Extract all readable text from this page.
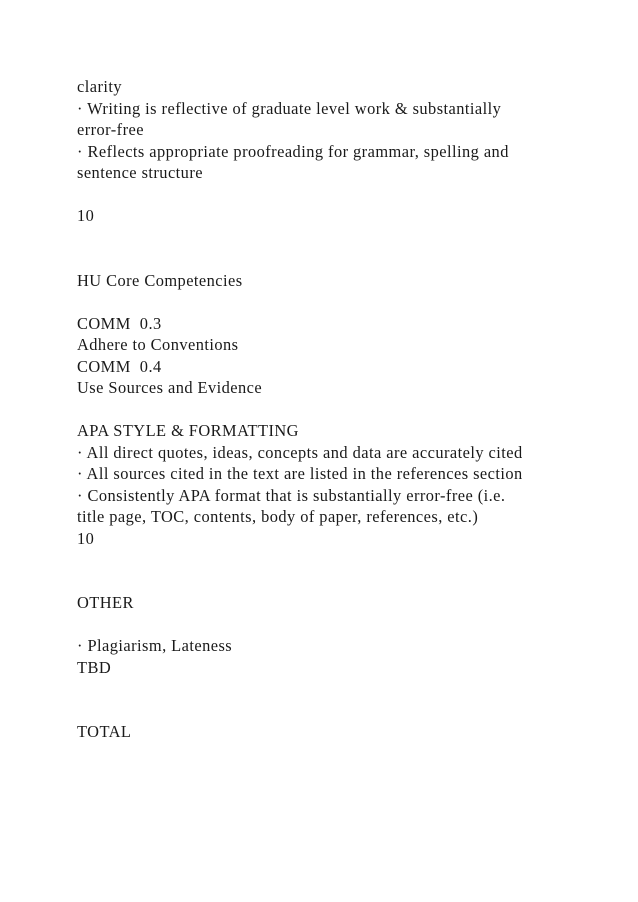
clarity
· Writing is reflective of graduate level work & substantially
error-free
· Reflects appropriate proofreading for grammar, spelling and
sentence structure
10
HU Core Competencies
COMM  0.3
Adhere to Conventions
COMM  0.4
Use Sources and Evidence
APA STYLE & FORMATTING
· All direct quotes, ideas, concepts and data are accurately cited
· All sources cited in the text are listed in the references section
· Consistently APA format that is substantially error-free (i.e.
title page, TOC, contents, body of paper, references, etc.)
10
OTHER
· Plagiarism, Lateness
TBD
TOTAL
